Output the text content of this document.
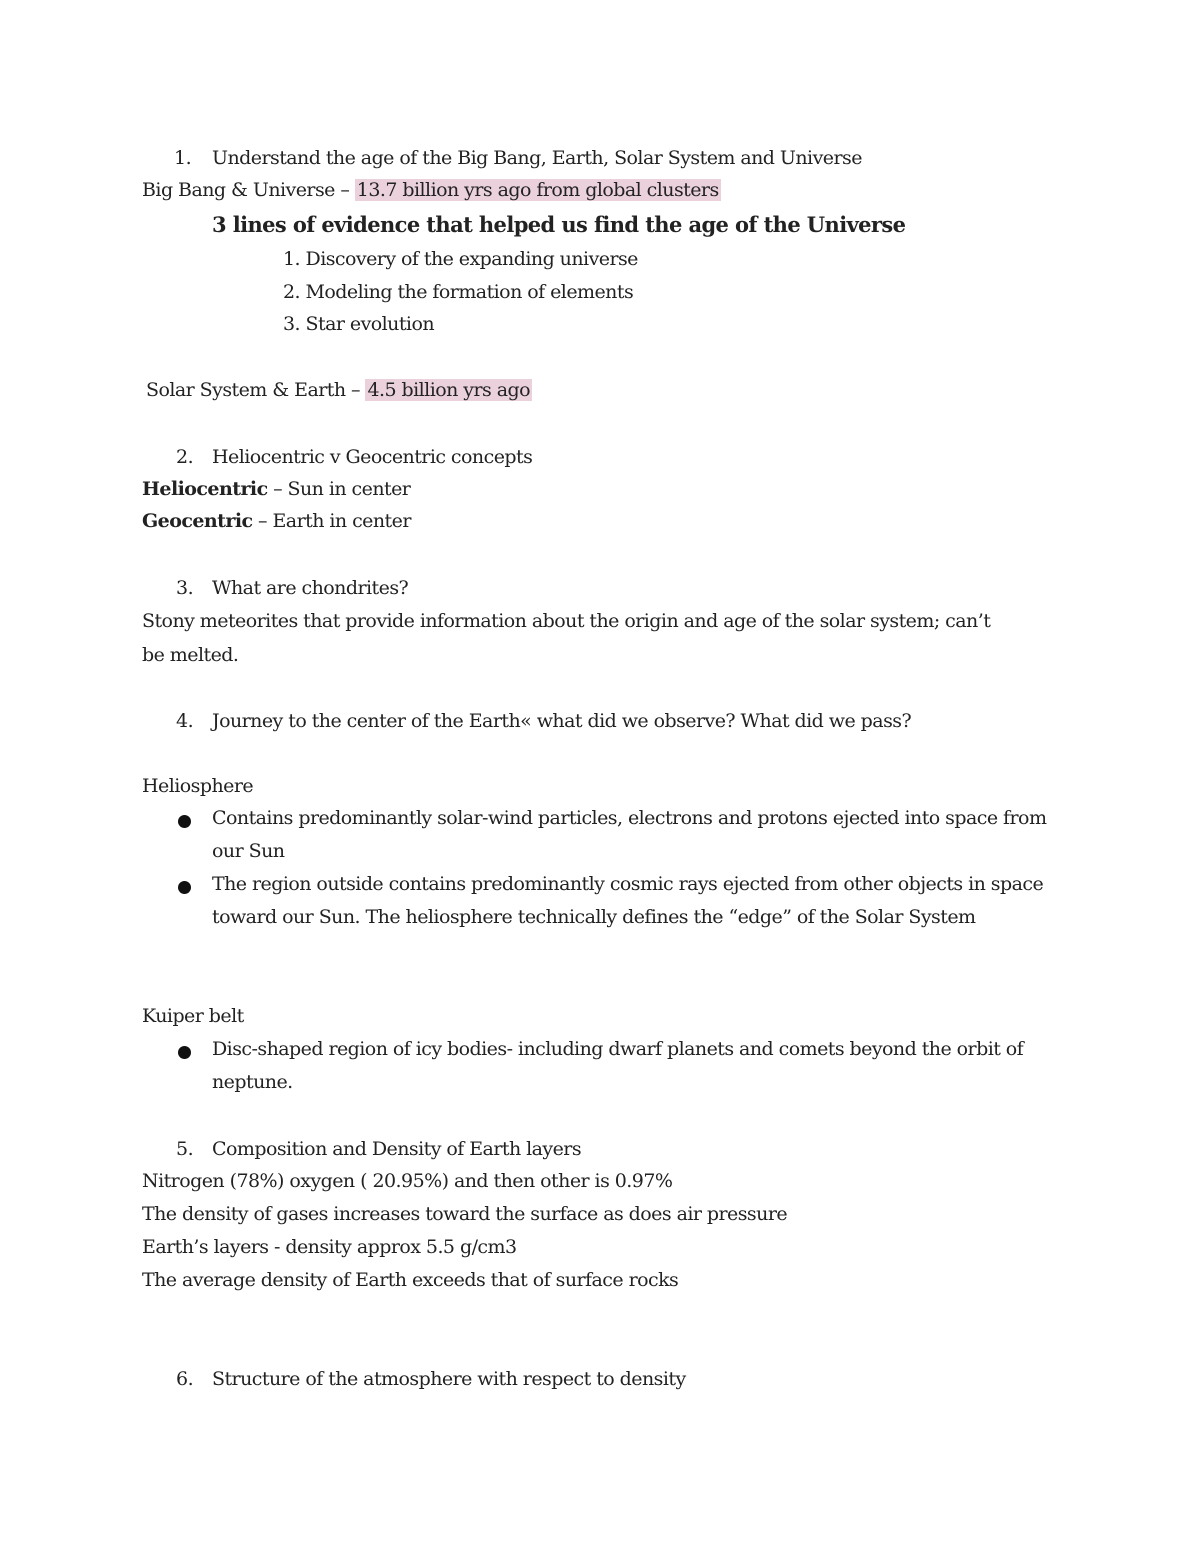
1. Understand the age of the Big Bang, Earth, Solar System and Universe
Big Bang & Universe – 13.7 billion yrs ago from global clusters
3 lines of evidence that helped us find the age of the Universe
1. Discovery of the expanding universe
2. Modeling the formation of elements
3. Star evolution
Solar System & Earth – 4.5 billion yrs ago
2. Heliocentric v Geocentric concepts
Heliocentric – Sun in center
Geocentric – Earth in center
3. What are chondrites?
Stony meteorites that provide information about the origin and age of the solar system; can’t
be melted.
4. Journey to the center of the Earth« what did we observe? What did we pass?
Heliosphere
Contains predominantly solar-wind particles, electrons and protons ejected into space from our Sun
The region outside contains predominantly cosmic rays ejected from other objects in space toward our Sun. The heliosphere technically defines the “edge” of the Solar System
Kuiper belt
Disc-shaped region of icy bodies- including dwarf planets and comets beyond the orbit of neptune.
5. Composition and Density of Earth layers
Nitrogen (78%) oxygen ( 20.95%) and then other is 0.97%
The density of gases increases toward the surface as does air pressure
Earth’s layers - density approx 5.5 g/cm3
The average density of Earth exceeds that of surface rocks
6. Structure of the atmosphere with respect to density
